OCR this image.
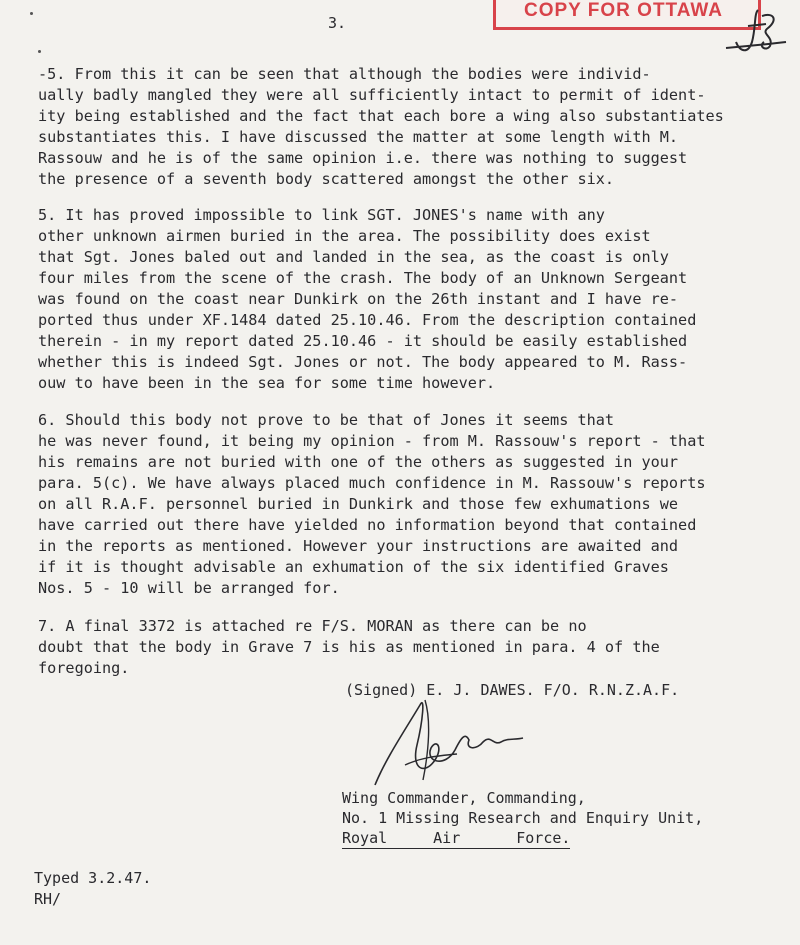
COPY FOR OTTAWA
3.
-5. From this it can be seen that although the bodies were individ-
ually badly mangled they were all sufficiently intact to permit of ident-
ity being established and the fact that each bore a wing also substantiates
substantiates this. I have discussed the matter at some length with M.
Rassouw and he is of the same opinion i.e. there was nothing to suggest
the presence of a seventh body scattered amongst the other six.
5. It has proved impossible to link SGT. JONES's name with any
other unknown airmen buried in the area. The possibility does exist
that Sgt. Jones baled out and landed in the sea, as the coast is only
four miles from the scene of the crash. The body of an Unknown Sergeant
was found on the coast near Dunkirk on the 26th instant and I have re-
ported thus under XF.1484 dated 25.10.46. From the description contained
therein - in my report dated 25.10.46 - it should be easily established
whether this is indeed Sgt. Jones or not. The body appeared to M. Rass-
ouw to have been in the sea for some time however.
6. Should this body not prove to be that of Jones it seems that
he was never found, it being my opinion - from M. Rassouw's report - that
his remains are not buried with one of the others as suggested in your
para. 5(c). We have always placed much confidence in M. Rassouw's reports
on all R.A.F. personnel buried in Dunkirk and those few exhumations we
have carried out there have yielded no information beyond that contained
in the reports as mentioned. However your instructions are awaited and
if it is thought advisable an exhumation of the six identified Graves
Nos. 5 - 10 will be arranged for.
7. A final 3372 is attached re F/S. MORAN as there can be no
doubt that the body in Grave 7 is his as mentioned in para. 4 of the
foregoing.
(Signed) E. J. DAWES. F/O. R.N.Z.A.F.
Wing Commander, Commanding,
No. 1 Missing Research and Enquiry Unit,
Royal	Air	Force.
Typed 3.2.47.
RH/
